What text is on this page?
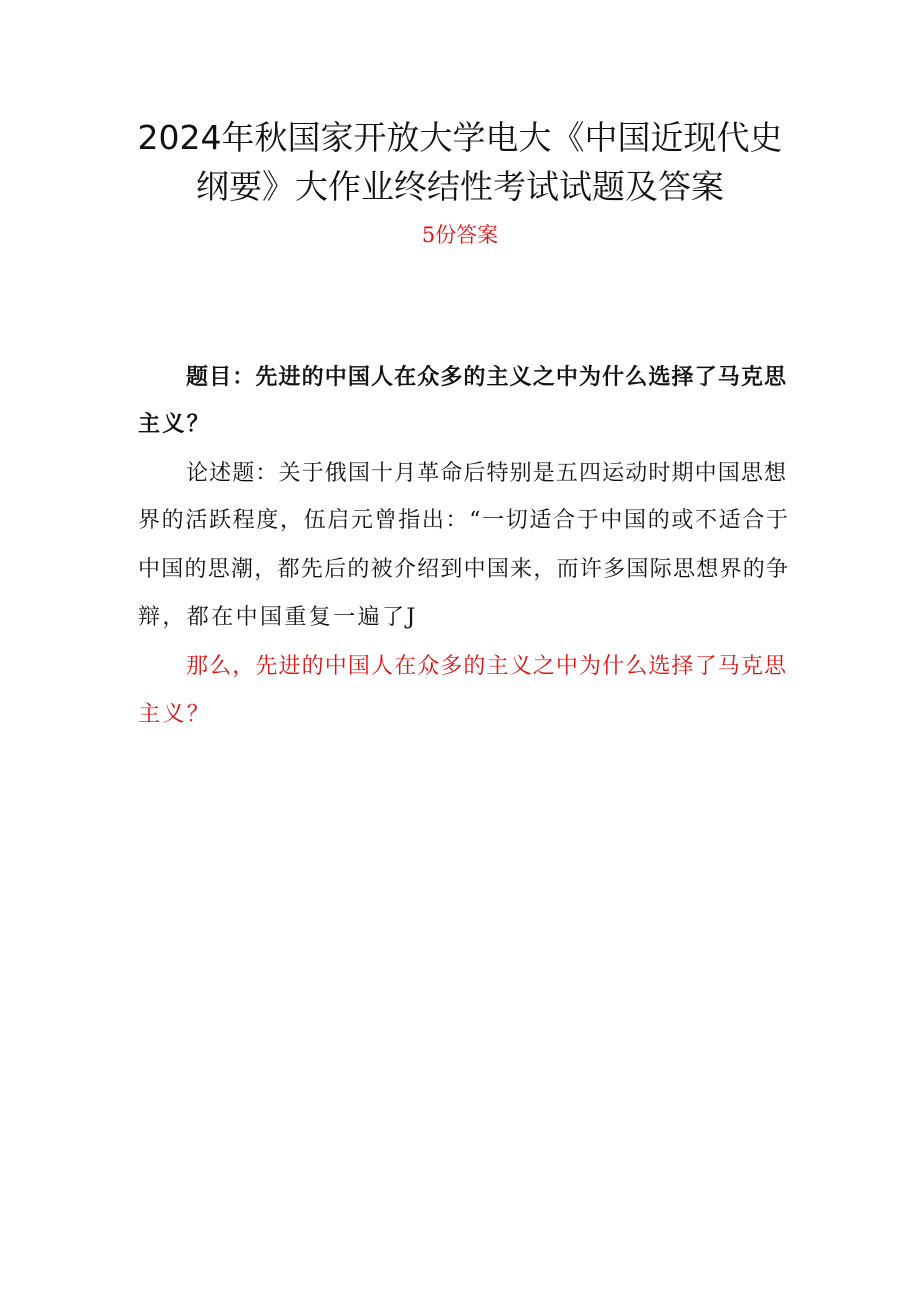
2024年秋国家开放大学电大《中国近现代史
纲要》大作业终结性考试试题及答案
5份答案
题目：先进的中国人在众多的主义之中为什么选择了马克思
主义？
论述题：关于俄国十月革命后特别是五四运动时期中国思想
界的活跃程度，伍启元曾指出：“一切适合于中国的或不适合于
中国的思潮，都先后的被介绍到中国来，而许多国际思想界的争
辩，都在中国重复一遍了J
那么，先进的中国人在众多的主义之中为什么选择了马克思
主义？
